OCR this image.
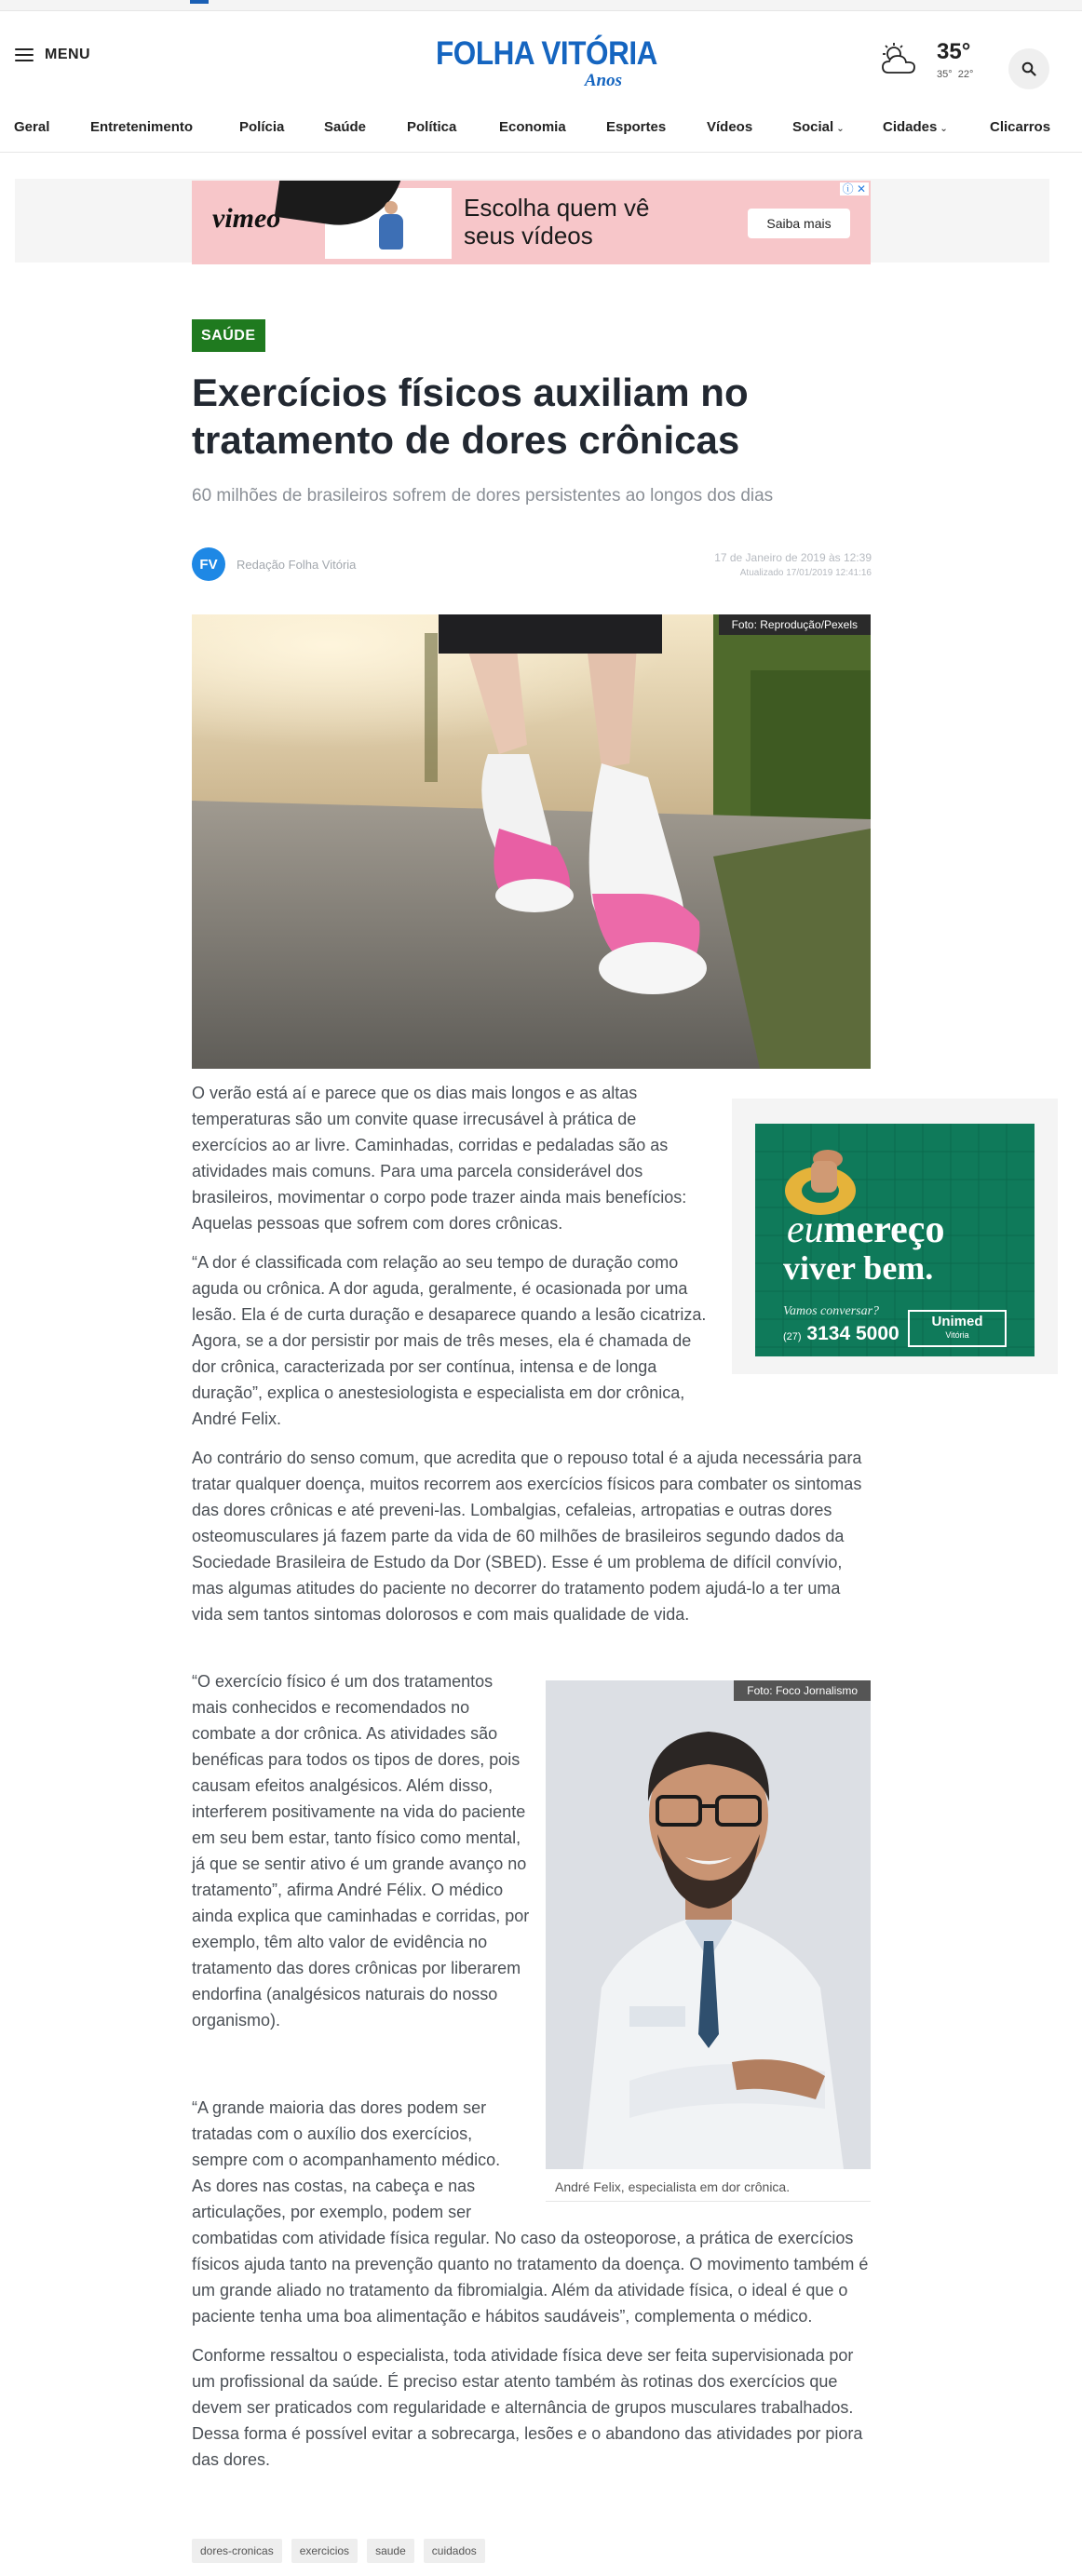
MENU	FOLHA VITÓRIA
Anos
35°
35° 22°
Geral	Entretenimento	Polícia	Saúde	Política	Economia	Esportes	Vídeos	Social ⌄	Cidades ⌄	Clicarros
vimeo	Escolha quem vê
seus vídeos	Saiba mais
ⓘ ✕
SAÚDE
Exercícios físicos auxiliam no tratamento de dores crônicas

60 milhões de brasileiros sofrem de dores persistentes ao longos dos dias

FV	Redação Folha Vitória	17 de Janeiro de 2019 às 12:39
Atualizado 17/01/2019 12:41:16
Foto: Reprodução/Pexels

O verão está aí e parece que os dias mais longos e as altas temperaturas são um convite quase irrecusável à prática de exercícios ao ar livre. Caminhadas, corridas e pedaladas são as atividades mais comuns. Para uma parcela considerável dos brasileiros, movimentar o corpo pode trazer ainda mais benefícios: Aquelas pessoas que sofrem com dores crônicas.

“A dor é classificada com relação ao seu tempo de duração como aguda ou crônica. A dor aguda, geralmente, é ocasionada por uma lesão. Ela é de curta duração e desaparece quando a lesão cicatriza. Agora, se a dor persistir por mais de três meses, ela é chamada de dor crônica, caracterizada por ser contínua, intensa e de longa duração”, explica o anestesiologista e especialista em dor crônica, André Felix.

eumereço
viver bem.
Vamos conversar?
(27) 3134 5000
Unimed
Vitória

Ao contrário do senso comum, que acredita que o repouso total é a ajuda necessária para tratar qualquer doença, muitos recorrem aos exercícios físicos para combater os sintomas das dores crônicas e até preveni-las. Lombalgias, cefaleias, artropatias e outras dores osteomusculares já fazem parte da vida de 60 milhões de brasileiros segundo dados da Sociedade Brasileira de Estudo da Dor (SBED). Esse é um problema de difícil convívio, mas algumas atitudes do paciente no decorrer do tratamento podem ajudá-lo a ter uma vida sem tantos sintomas dolorosos e com mais qualidade de vida.

“O exercício físico é um dos tratamentos mais conhecidos e recomendados no combate a dor crônica. As atividades são benéficas para todos os tipos de dores, pois causam efeitos analgésicos. Além disso, interferem positivamente na vida do paciente em seu bem estar, tanto físico como mental, já que se sentir ativo é um grande avanço no tratamento”, afirma André Félix. O médico ainda explica que caminhadas e corridas, por exemplo, têm alto valor de evidência no tratamento das dores crônicas por liberarem endorfina (analgésicos naturais do nosso organismo).

Foto: Foco Jornalismo
André Felix, especialista em dor crônica.

“A grande maioria das dores podem ser tratadas com o auxílio dos exercícios, sempre com o acompanhamento médico. As dores nas costas, na cabeça e nas articulações, por exemplo, podem ser combatidas com atividade física regular. No caso da osteoporose, a prática de exercícios físicos ajuda tanto na prevenção quanto no tratamento da doença. O movimento também é um grande aliado no tratamento da fibromialgia. Além da atividade física, o ideal é que o paciente tenha uma boa alimentação e hábitos saudáveis”, complementa o médico.

Conforme ressaltou o especialista, toda atividade física deve ser feita supervisionada por um profissional da saúde. É preciso estar atento também às rotinas dos exercícios que devem ser praticados com regularidade e alternância de grupos musculares trabalhados. Dessa forma é possível evitar a sobrecarga, lesões e o abandono das atividades por piora das dores.

dores-cronicas	exercicios	saude	cuidados
